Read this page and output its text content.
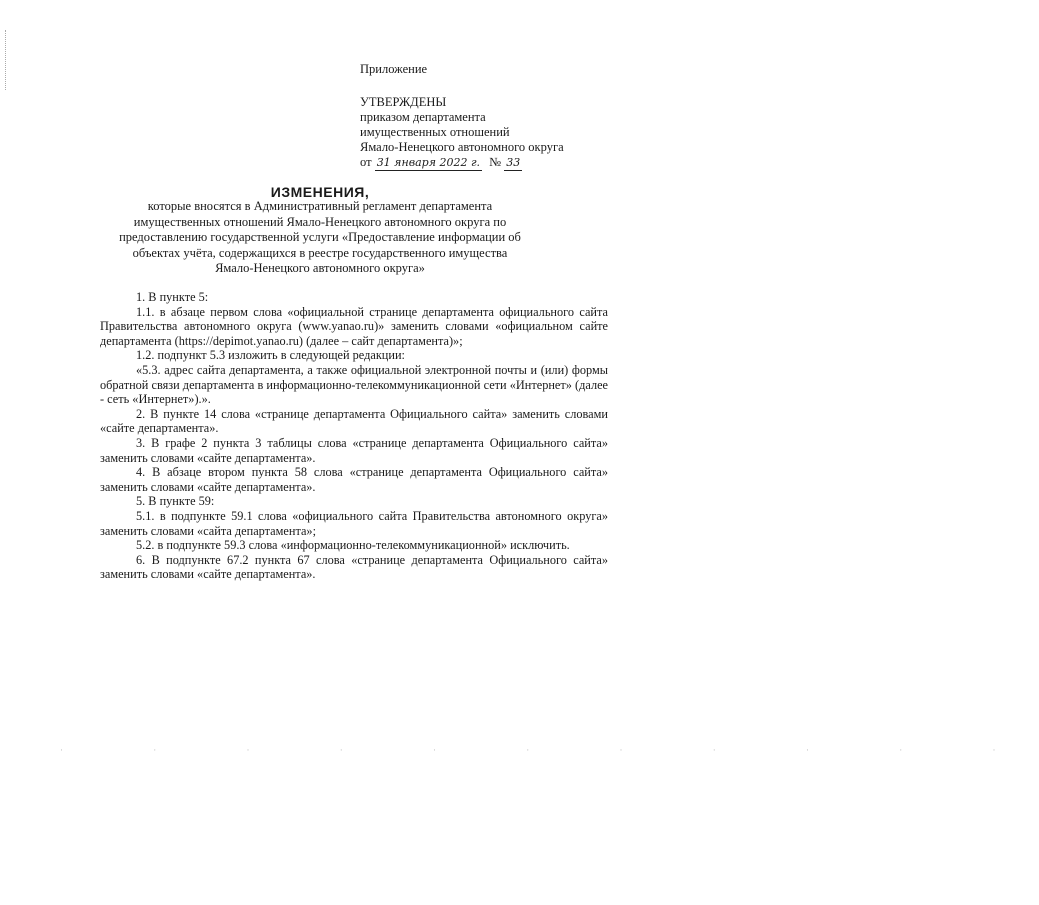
Приложение
УТВЕРЖДЕНЫ
приказом департамента
имущественных отношений
Ямало-Ненецкого автономного округа
от 31 января 2022 г. № 33
ИЗМЕНЕНИЯ,
которые вносятся в Административный регламент департамента
имущественных отношений Ямало-Ненецкого автономного округа по
предоставлению государственной услуги «Предоставление информации об
объектах учёта, содержащихся в реестре государственного имущества
Ямало-Ненецкого автономного округа»

1. В пункте 5:

1.1. в абзаце первом слова «официальной странице департамента официального сайта Правительства автономного округа (www.yanao.ru)» заменить словами «официальном сайте департамента (https://depimot.yanao.ru) (далее – сайт департамента)»;

1.2. подпункт 5.3 изложить в следующей редакции:

«5.3. адрес сайта департамента, а также официальной электронной почты и (или) формы обратной связи департамента в информационно-телекоммуникационной сети «Интернет» (далее - сеть «Интернет»).».

2. В пункте 14 слова «странице департамента Официального сайта» заменить словами «сайте департамента».

3. В графе 2 пункта 3 таблицы слова «странице департамента Официального сайта» заменить словами «сайте департамента».

4. В абзаце втором пункта 58 слова «странице департамента Официального сайта» заменить словами «сайте департамента».

5. В пункте 59:

5.1. в подпункте 59.1 слова «официального сайта Правительства автономного округа» заменить словами «сайта департамента»;

5.2. в подпункте 59.3 слова «информационно-телекоммуникационной» исключить.

6. В подпункте 67.2 пункта 67 слова «странице департамента Официального сайта» заменить словами «сайте департамента».

· · · · · · · · · · ·
